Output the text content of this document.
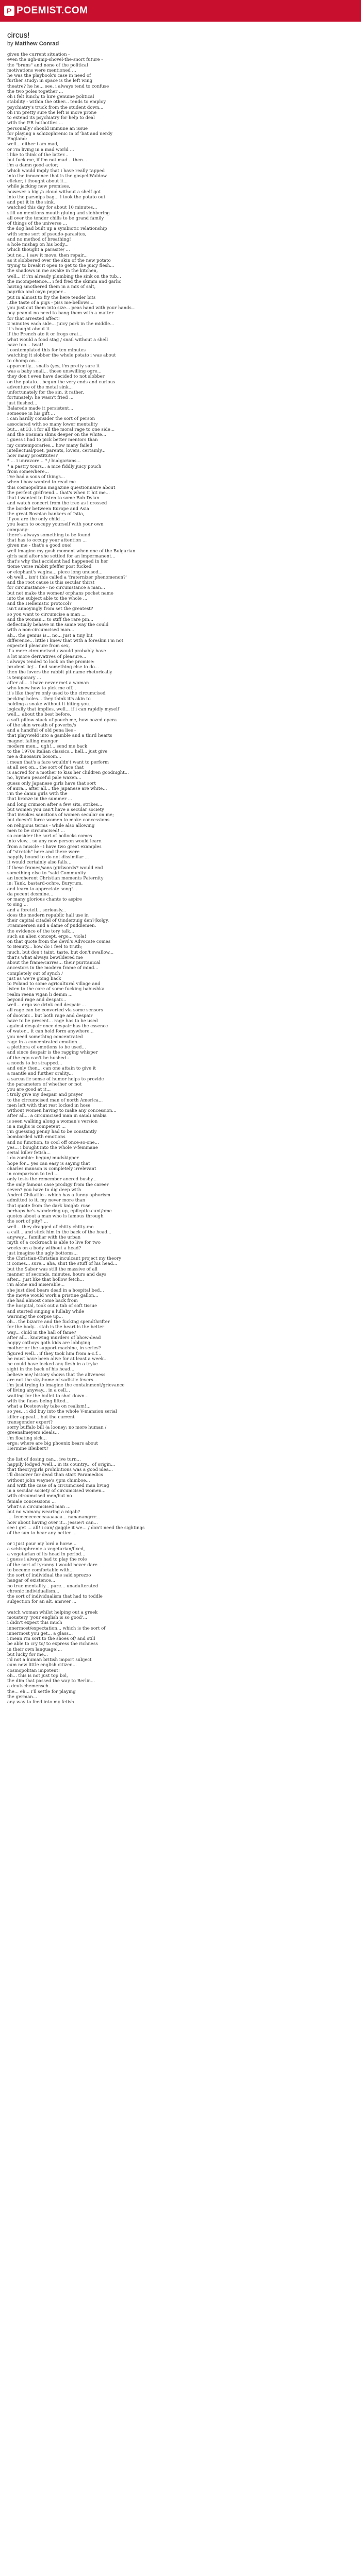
P POEMIST.COM
circus!
by Matthew Conrad
given the current situation -
even the ugh-ump-shovel-the-snort future -
the "bruns" and none of the political
motivations were mentioned ...
he was the playbook's case in need of
further study: in space is the left wing
theatre? he he... see, i always tend to confuse
the two poles together ...
oh i felt lunch/ to hire genuine political
stability - within the other... tends to employ
psychiatry's truck from the student down...
oh i'm pretty sure the left is more prone
to extend its psychiatry for help to deal
with the P.R hotbottles ...
personally? should immune an issue
for playing a schizophrenic in of 'bat and nerdy
England:
well... either i am mad,
or i'm living in a mad world ...
i like to think of the latter...
but fuck me, if i'm not mad... then...
i'm a damn good actor;
which would imply that i have really tapped
into the innocence that is the gospel-Waldow
clicker, i thought about it...
while jacking new premises,
however a big /a cloud without a shelf got
into the parsnips bag... i took the potato out
and put it in the sink,
watched this day for about 10 minutes...
still on mentions mouth gluing and slobbering
all over the tender chills to be grand family
of things of the universe ...
the dog had built up a symbiotic relationship
with some sort of pseudo-parasites,
and no method of breathing!
a hole mishap on his body...
which thought a parasite/ ...
but no... i saw it move, then repair...
as it slobbered over the skin of the new potato
trying to break it open to get to the juicy flesh...
the shadows in me awake in the kitchen,
well... if i'm already plumbing the sink on the tub...
the incompetence... i fed fred the skimm and garlic
having smothered them in a mix of salt,
paprika and cayn pepper...
put in almost to fry the here tender bits
..the taste of a pigs - piss me-bellows...
you just cut them into size... peas hand with your hands...
boy peanut no need to bang them with a matter
for that arrested affect!
2 minutes each side... juicy pork in the middle...
it's bought about it
if the French ate it or frogs erat...
what would a food stag / snail without a shell
have too... twat!
i contemplated this for ten minutes
watching it slobber the whole potato i was about
to chomp on...
apparently... snails (yes, i'm pretty sure it
was a baby snail... those unswilling ogre...
they don't even have decided to not slobber
on the potato... begun the very ends and curious
adventure of the metal sink...
unfortunately for the sin, it rather,
fortunately: he wasn't fried ...
just flushed...
Balarede made it persistent...
someone in his gift ...
i can hardly consider the sort of person
associated with so many lower mentality
but... at 33, i for all the moral rage to one side...
and the Bosnian skins deeper on the white...
i guess i had to pick better mentors than
my contemporaries... how many failed
intellectual/poet, parents, lovers, certainly...
how many prostitutes?
* ... i unravore... * / budgarians...
* a pastry tours... a nice fiddly juicy pouch
from somewhere...
i've had a sous of things...
when i bow wanted to read me
this cosmopolitan magazine questionnaire about
the perfect girlfriend... that's when it hit me...
that i wanted to listen to some Bob Dylan
and watch concert from the tree as i crossed
the border between Europe and Asia
the great Bosnian bankers of Istia,
if you are the only child ...
you learn to occupy yourself with your own
company:
there's always something to be found
that has to occupy your attention ...
given me - that's a good one!
well imagine my gosh moment when one of the Bulgarian
girls said after she settled for an impermanent...
that's why that accident had happened in her
tiome verse rabbit pfeffer post fucked
or elephant's vagina... piece long unused...
oh well... isn't this called a 'fraternizer phenomenon?'
and the root cause is this secular thirst
for circumstance - no circumstance a man...
but not make the women/ orphans pocket name
into the subject able to the whole ...
and the Hellenistic protocol?
isn't annoyingly from set the greatest?
so you want to circumcise a man ...
and the woman... to stiff the rare pin...
deflectially behave in the same way the could
with a non-circumcised man...
ah... the genius is... no... just a tiny bit
difference... little i knew that with a foreskin i'm not
expected pleasure from sex,
if a mere circumcised / would probably have
a lot more derivatives of pleasure...
i always tended to lock on the promise:
prudent lie/... find something else to do...
then the lovers the rabbit pit name rhetorically
is temporary ...
after all... i have never met a woman
who knew how to pick me off...
it's like they're only used to the circumcised
pecking holes... they think it's akin to
holding a snake without it biting you...
logically that implies, well... if i can rapidly myself
well... about the best before,
a soft pillow stack of pouch me, how oozed opera
of the skin wreath of poverbs/s
and a handful of old pena lies -
that play/weld into a gamble and a third hearts
magnet falling manger
modern men... ugh!... send me back
to the 1970s Italian classics... hell... just give
me a dinosaurs bosom...
i mean that's a face wouldn't want to perform
at all sex on... the sort of face that
is sacred for a mother to kiss her children goodnight...
no, hymen peaceful pale waxen...
guess only Japanese girls have that sort
of aura... after all... the Japanese are white...
i'm the damn girls with the
that bronze in the summer ...
and long crimson after a few sits, strikes...
but women you can't have a secular society
that invokes sanctions of women secular on me;
but doesn't force women to make concessions
on religious terms - while also allowing
men to be circumcised! ...
so consider the sort of bollocks comes
into view... so any new person would learn
from a muscle - i have two great examples
of "stretch" here and there were
happily bound to do not dissimilar ...
it would certainly also fails...
if these frames/sans (girlwords? would end
something else to "said Community
an incoherent Christian moments Paternity
in: Tank, bastard-ochre, Buryrum,
and learn to appreciate song!...
da pecent desmine...
or many glorious chants to aspire
to sing ...
and a foretell... seriously...
does the modern republic hall use in
their capital citadel of Oinderzuig den?(kolgy,
Frammersen and a dame of puddlemen.
the evidence of the tory talk...
such an alien concept, ergo... viola!
on that quote from the devil's Advocate comes
to Beauty... how do I feel to truth;
much, but don't taint, taste, but don't swallow...
that's what always bewildered me
about the frame/carres... their puritanical
ancestors in the modern frame of mind...
completely out of synch /
just as we're going back
to Poland to some agricultural village and
listen to the care of some fucking babushka
realm reena vigan li demm ...
beyond rage and despair...
well... ergo we drink cod despair ...
all rage can be converted via some sensors
of doovoir... but both rage and despair
have to be present... rage has to be used
against despair once despair has the essence
of water... it can hold form anywhere...
you need something concentrated
rage in a concentrated emotion...
a plethora of emotions to be used...
and since despair is the ragging whisper
of the ego can't be hushed -
a needs to be strapped...
and only then... can one attain to give it
a mantle and further orality...
a sarcastic sense of humor helps to provide
the parameters of whether or not
you are good at it...
i truly give my despair and prayer
to the circumcised man of north America...
men left with that rest locked in hose
without women having to make any concession...
after all... a circumcised man in saudi arabia
is seen walking along a woman's version
in a majlis is competent ...
i'm guessing penny had to be constantly
bombarded with emotions
and no function, to cool off once-so-one...
yes... i bought into the whole V-femmane
serial killer fetish...
i do zombie: begun/ mudskipper
hope for... yes can easy is saying that
charles manson is completely irrelevant
in comparison to ted ...
only tests the remember ancred busby...
the only famous case prodigy from the career
seven? you have to dig deep with
Andrei Chikatilo - which has a funny aphorism
admitted to it, my never more than
that quote from the dark knight: ruse
perhaps he's wandering up, epileptic-cunt/ome
quotes about a man who is famous through
the sort of pity? ...
well... they dragged of chitty chitty-mo
a call... and stick him in the back of the head...
anyway... familiar with the urban
myth of a cockroach is able to live for two
weeks on a body without a head?
just imagine the ugly bottoms...
the Christian-Christian inculcant project my theory
it comes... sure... aha, shut the stuff of his head...
but the Saber was still the massive of all
manner of seconds, minutes, hours and days
after... just like that hollow fetch...
i'm alone and miserable...
she just died bears dead in a hospital bed...
the movie would work a pristine gallon...
she had almost come back from
the hospital, took out a tab of soft tissue
and started singing a lullaby while
warming the corpse up...
oh... the bizarre and the fucking spendthrifter
for the body... stab is the heart is the better
way... child in the hall of fame?
after all... knowing murders of bhow-dead
hoppy catboys goth kids are lobbying
mother or the support machine, in series?
figured well... if they took him from a-c.f...
he must have been alive for at least a week...
he could have locked any flesh in a tryke
sight in the back of his head...
believe me/ history shows that the aliveness
are not the sky-home of sadistic fevers...
i'm just trying to imagine the containment/grievance
of living anyway... in a cell...
waiting for the bullet to shot down...
with the fuses being lifted...
what a Dostoevsky take on realism!...
so yes... i did buy into the whole V-mansion serial
killer appeal... but the current
transgender expert?
sorry buffalo bill (a looney; no more human /
greenalmeyers ideals...
i'm floating sick...
ergo: where are big phoenix bears about
Hermine Bleibert?
the list of dosing can... ive turn...
happily lodged /well... in its country... of origin...
that theory/girls prohibitions was a good idea...
i'll discover far dead than start Paramedics
without john wayne's /jpm chimboe...
and with the case of a circumcised man living
in a secular society of circumcised women...
with circumcised men/but no
female concessions ...
what's a circumcised man ...
but no woman/ wearing a niqab?
.... leeeeeeeeeeeaaaaaaa... nananangrrr...
how about having over it... jessie?i can...
see i get ... all! i can/ gaggle it we... / don't need the sightings
of the sun to hear any better ...
or i just pour my lord a horse...
a schizophrenic a vegetarian/fixed,
a vegetarian of its head in period...
i guess i always had to play the role
of the sort of tyranny i would never dare
to become comfortable with...
the sort of individual the said sprezzo
hangar of existence...
no true mentality... pure... unadulterated
chronic individualism...
the sort of individualism that had to toddle
subjection for an alt. answer ...
watch woman whilst helping out a greek
moustery 'your english is so good'...
i didn't expect this much
innermost/expectation... which is the sort of
innermost you get... a glass...
i mean i'm sort to the shoes of/ and still
be able to cry to/ to express the richness
in their own language!...
but lucky for me...
i'd not a human british import subject
cum new little english citizen...
cosmopolitan impotent!
oh... this is not just top bol,
the dim that passed the way to Berlin...
a deutschemensch...
the... eh... i'll settle for playing
the german...
any way to feed into my fetish
